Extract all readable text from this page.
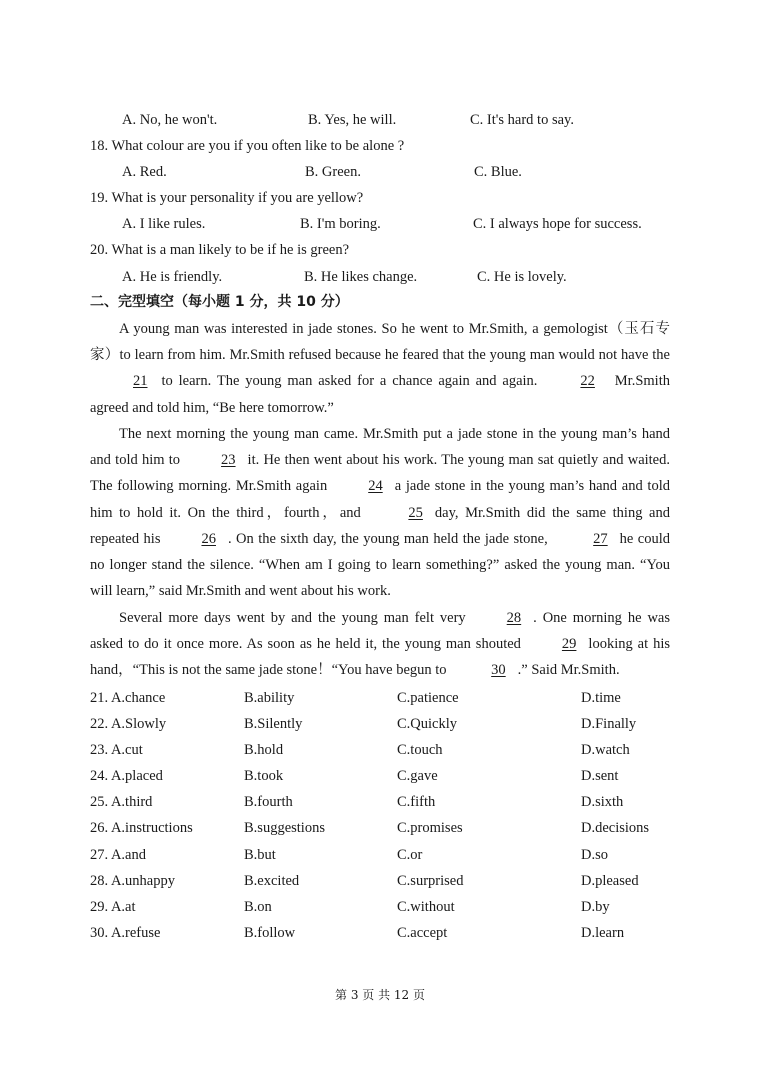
A. No, he won't.	B. Yes, he will.	C. It's hard to say.
18. What colour are you if you often like to be alone ?
A. Red.	B. Green.	C. Blue.
19. What is your personality if you are yellow?
A. I like rules.	B. I'm boring.	C. I always hope for success.
20. What is a man likely to be if he is green?
A. He is friendly.	B. He likes change.	C. He is lovely.
二、完型填空（每小题 1 分，共 10 分）

A young man was interested in jade stones. So he went to Mr.Smith, a gemologist（玉石专家）to learn from him. Mr.Smith refused because he feared that the young man would not have the 21 to learn. The young man asked for a chance again and again.	22 Mr.Smith agreed and told him, “Be here tomorrow.”

The next morning the young man came. Mr.Smith put a jade stone in the young man’s hand and told him to	23 it. He then went about his work. The young man sat quietly and waited. The following morning. Mr.Smith again	24 a jade stone in the young man’s hand and told him to hold it. On the third，fourth，and	25 day, Mr.Smith did the same thing and repeated his	26 . On the sixth day, the young man held the jade stone,	27 he could no longer stand the silence. “When am I going to learn something?” asked the young man. “You will learn,” said Mr.Smith and went about his work.

Several more days went by and the young man felt very	28 . One morning he was asked to do it once more. As soon as he held it, the young man shouted	29 looking at his hand，“This is not the same jade stone！“You have begun to	30 .” Said Mr.Smith.

21. A.chance	B.ability	C.patience	D.time
22. A.Slowly	B.Silently	C.Quickly	D.Finally
23. A.cut	B.hold	C.touch	D.watch
24. A.placed	B.took	C.gave	D.sent
25. A.third	B.fourth	C.fifth	D.sixth
26. A.instructions	B.suggestions	C.promises	D.decisions
27. A.and	B.but	C.or	D.so
28. A.unhappy	B.excited	C.surprised	D.pleased
29. A.at	B.on	C.without	D.by
30. A.refuse	B.follow	C.accept	D.learn
第 3 页 共 12 页
